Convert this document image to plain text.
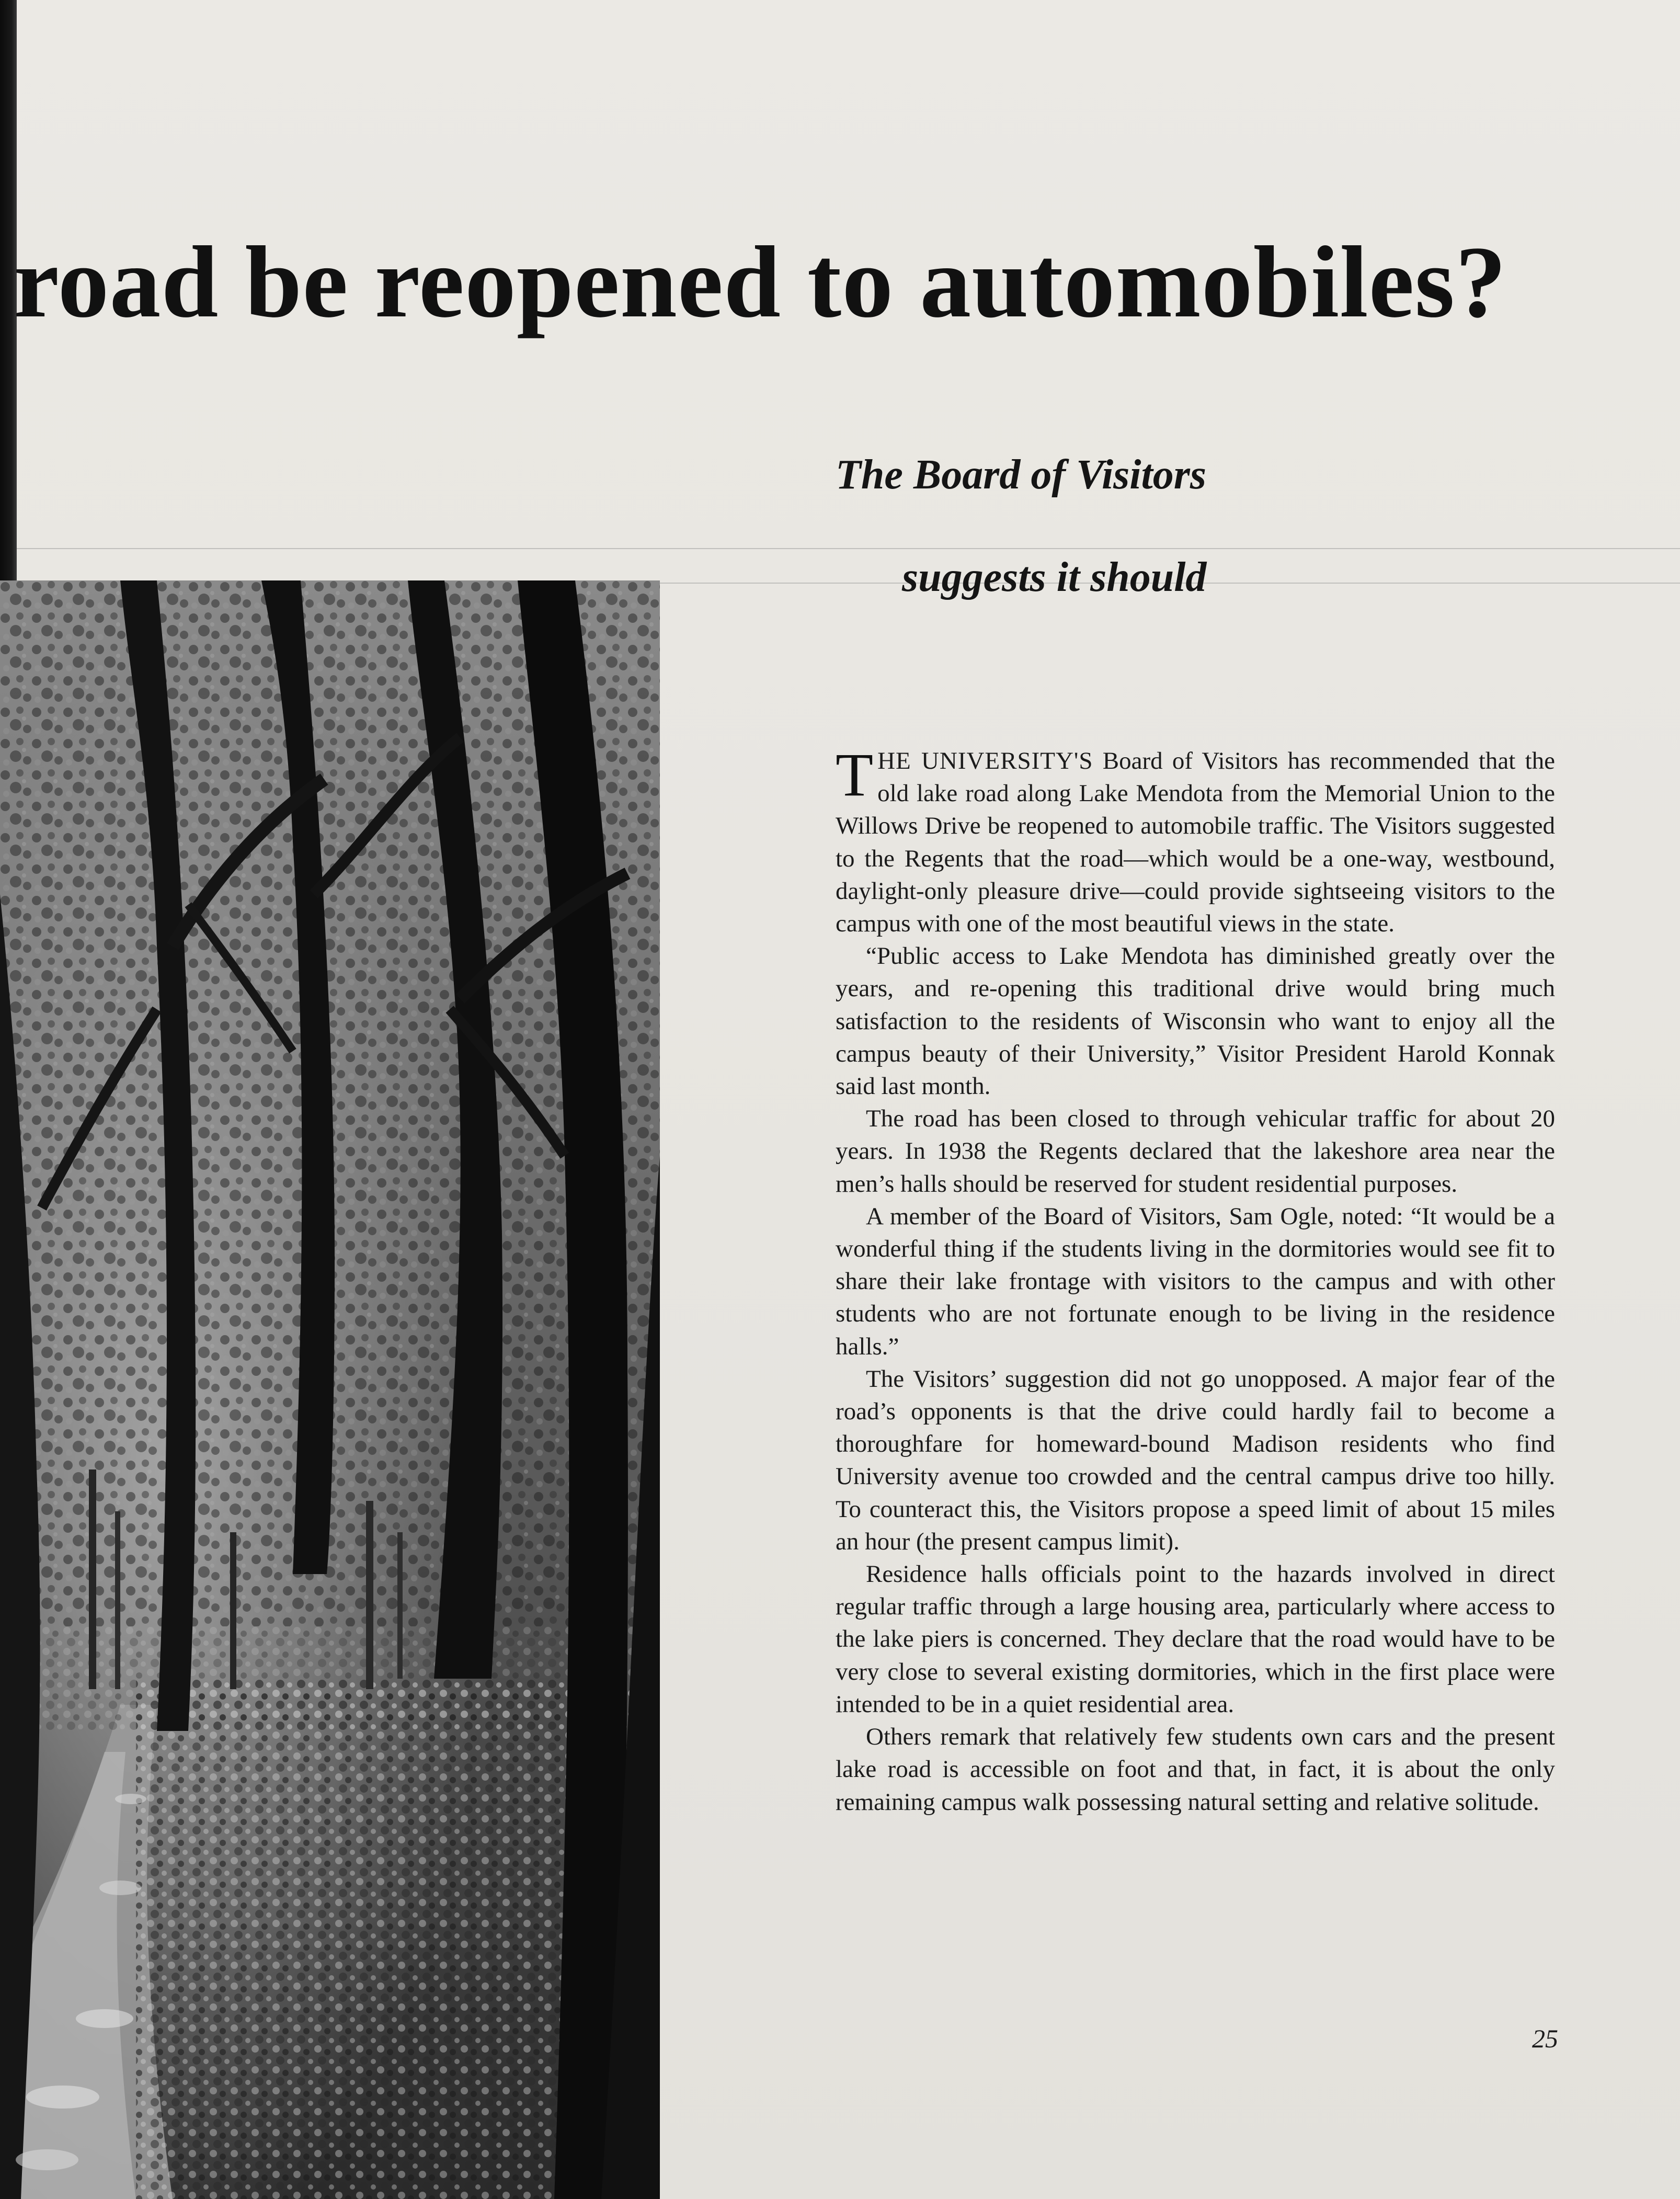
road be reopened to automobiles?
The Board of Visitors
suggests it should

THE UNIVERSITY'S Board of Visitors has recommended that the old lake road along Lake Mendota from the Memorial Union to the Willows Drive be reopened to automobile traffic. The Visitors suggested to the Regents that the road—which would be a one-way, westbound, daylight-only pleasure drive—could provide sightseeing visitors to the campus with one of the most beautiful views in the state.

“Public access to Lake Mendota has diminished greatly over the years, and re-opening this traditional drive would bring much satisfaction to the residents of Wisconsin who want to enjoy all the campus beauty of their University,” Visitor President Harold Konnak said last month.

The road has been closed to through vehicular traffic for about 20 years. In 1938 the Regents declared that the lakeshore area near the men’s halls should be reserved for student residential purposes.

A member of the Board of Visitors, Sam Ogle, noted: “It would be a wonderful thing if the students living in the dormitories would see fit to share their lake frontage with visitors to the campus and with other students who are not fortunate enough to be living in the residence halls.”

The Visitors’ suggestion did not go unopposed. A major fear of the road’s opponents is that the drive could hardly fail to become a thoroughfare for homeward-bound Madison residents who find University avenue too crowded and the central campus drive too hilly. To counteract this, the Visitors propose a speed limit of about 15 miles an hour (the present campus limit).

Residence halls officials point to the hazards involved in direct regular traffic through a large housing area, particularly where access to the lake piers is concerned. They declare that the road would have to be very close to several existing dormitories, which in the first place were intended to be in a quiet residential area.

Others remark that relatively few students own cars and the present lake road is accessible on foot and that, in fact, it is about the only remaining campus walk possessing natural setting and relative solitude.

25
